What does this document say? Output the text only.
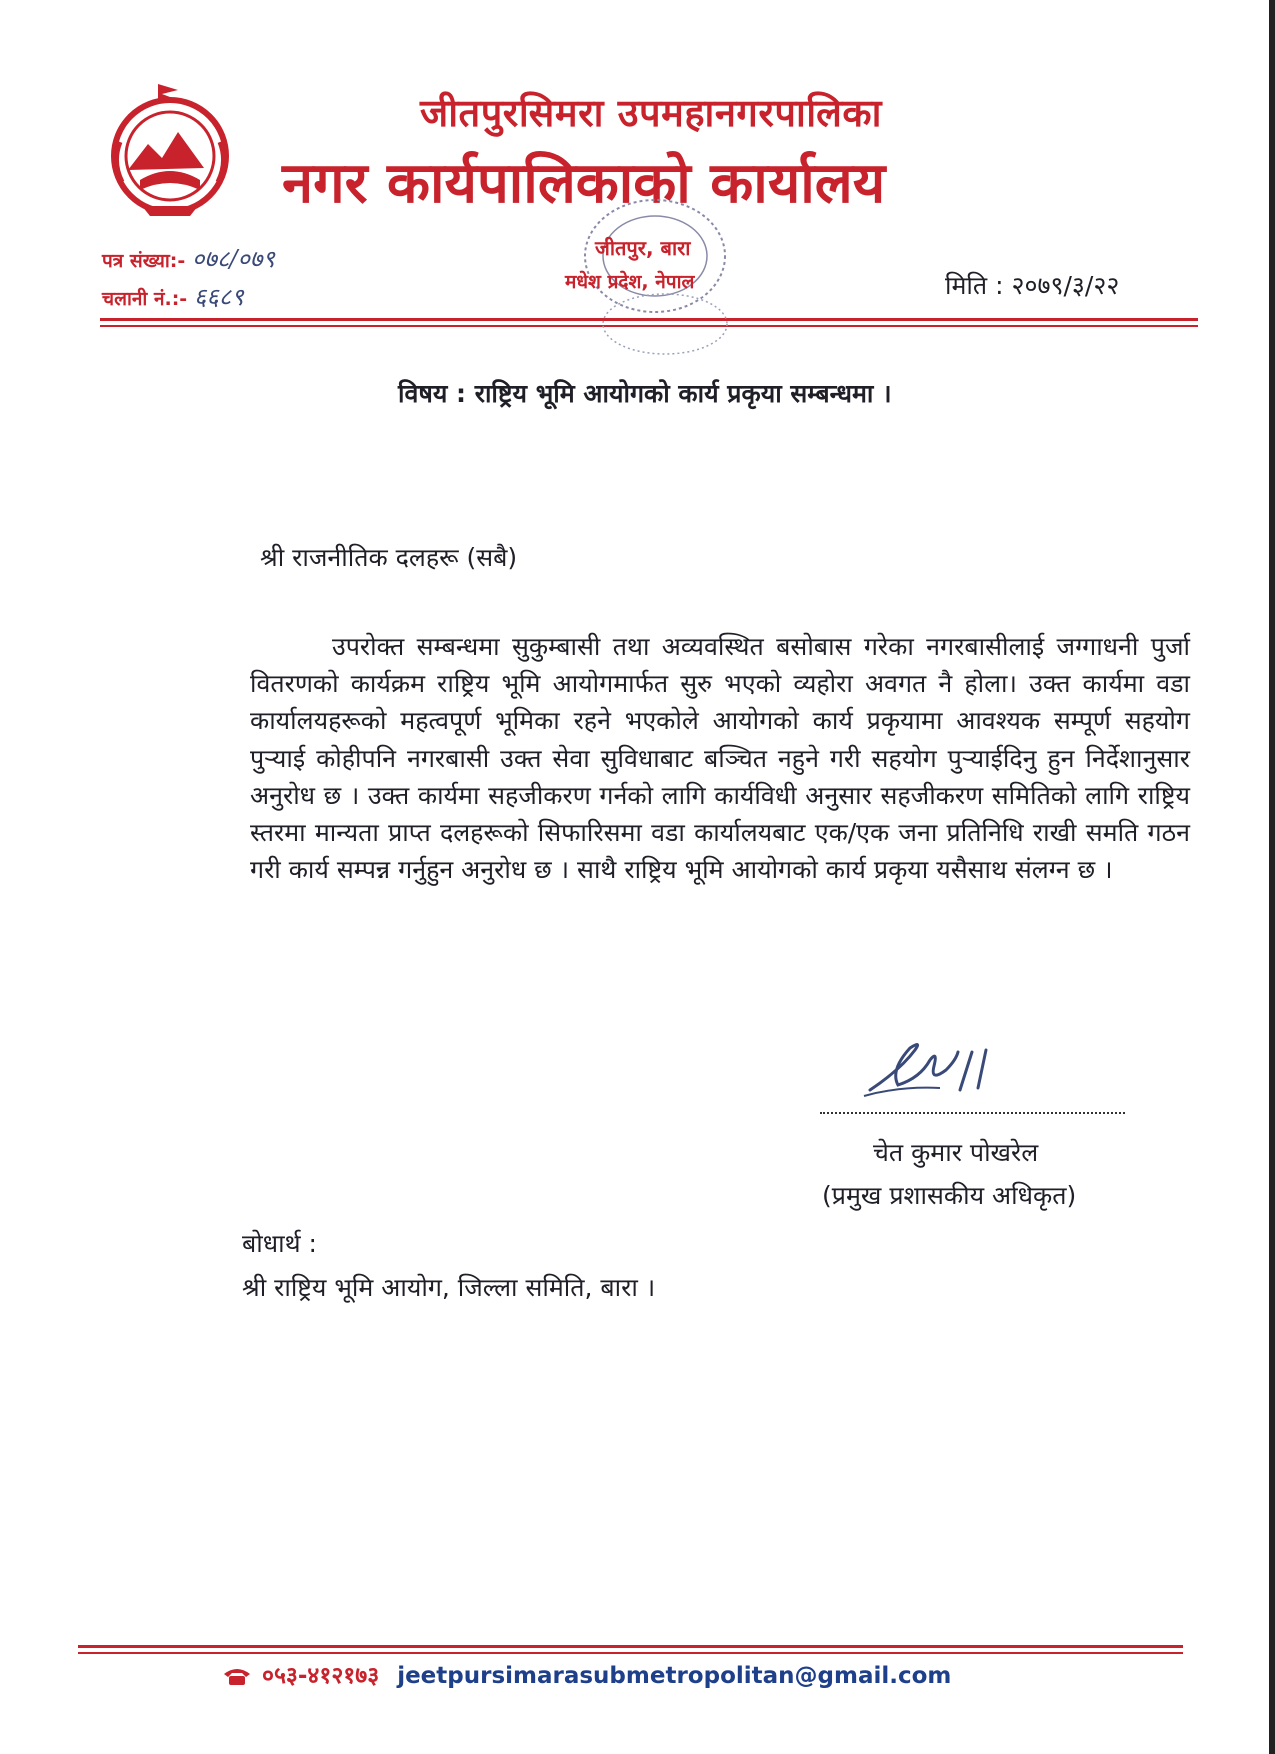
जीतपुरसिमरा उपमहानगरपालिका
नगर कार्यपालिकाको कार्यालय
पत्र संख्या:- ०७८/०७९
चलानी नं.:- ६६८९	मिति : २०७९/३/२२
जीतपुर, बारा
मधेश प्रदेश, नेपाल
विषय : राष्ट्रिय भूमि आयोगको कार्य प्रकृया सम्बन्धमा ।
श्री राजनीतिक दलहरू (सबै)

उपरोक्त सम्बन्धमा सुकुम्बासी तथा अव्यवस्थित बसोबास गरेका नगरबासीलाई जग्गाधनी पुर्जा वितरणको कार्यक्रम राष्ट्रिय भूमि आयोगमार्फत सुरु भएको व्यहोरा अवगत नै होला। उक्त कार्यमा वडा कार्यालयहरूको महत्वपूर्ण भूमिका रहने भएकोले आयोगको कार्य प्रकृयामा आवश्यक सम्पूर्ण सहयोग पुऱ्याई कोहीपनि नगरबासी उक्त सेवा सुविधाबाट बञ्चित नहुने गरी सहयोग पुऱ्याईदिनु हुन निर्देशानुसार अनुरोध छ । उक्त कार्यमा सहजीकरण गर्नको लागि कार्यविधी अनुसार सहजीकरण समितिको लागि राष्ट्रिय स्तरमा मान्यता प्राप्त दलहरूको सिफारिसमा वडा कार्यालयबाट एक/एक जना प्रतिनिधि राखी समति गठन गरी कार्य सम्पन्न गर्नुहुन अनुरोध छ । साथै राष्ट्रिय भूमि आयोगको कार्य प्रकृया यसैसाथ संलग्न छ ।

चेत कुमार पोखरेल
(प्रमुख प्रशासकीय अधिकृत)
बोधार्थ :
श्री राष्ट्रिय भूमि आयोग, जिल्ला समिति, बारा ।
०५३-४१२१७३ jeetpursimarasubmetropolitan@gmail.com
